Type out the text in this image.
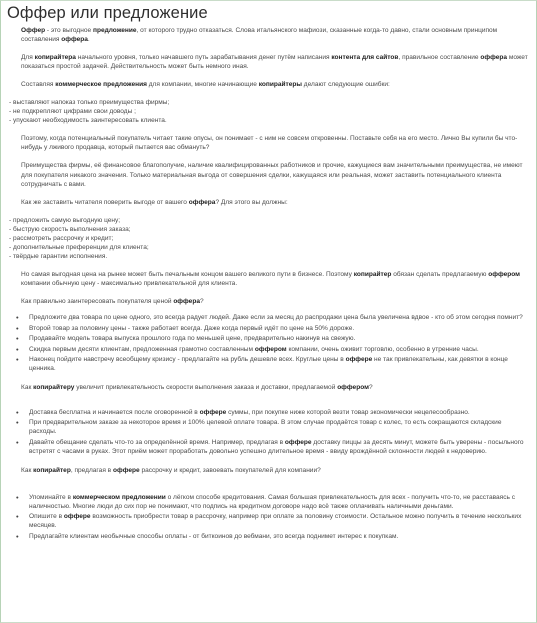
Оффер или предложение

Оффер - это выгодное предложение, от которого трудно отказаться. Слова итальянского мафиози, сказанные когда-то давно, стали основным принципом составления оффера.

Для копирайтера начального уровня, только начавшего путь зарабатывания денег путём написания контента для сайтов, правильное составление оффера может показаться простой задачей. Действительность может быть немного иная.

Составляя коммерческое предложения для компании, многие начинающие копирайтеры делают следующие ошибки:

- выставляют напоказ только преимущества фирмы;

- не подкрепляют цифрами свои доводы ;

- упускают необходимость заинтересовать клиента.

Поэтому, когда потенциальный покупатель читает такие опусы, он понимает - с ним не совсем откровенны. Поставьте себя на его место. Лично Вы купили бы что-нибудь у лживого продавца, который пытается вас обмануть?

Преимущества фирмы, её финансовое благополучие, наличие квалифицированных работников и прочие, кажущиеся вам значительными преимущества, не имеют для покупателя никакого значения. Только материальная выгода от совершения сделки, кажущаяся или реальная, может заставить потенциального клиента сотрудничать с вами.

Как же заставить читателя поверить выгоде от вашего оффера? Для этого вы должны:

- предложить самую выгодную цену;

- быструю скорость выполнения заказа;

- рассмотреть рассрочку и кредит;

- дополнительные преференции для клиента;

- твёрдые гарантии исполнения.

Но самая выгодная цена на рынке может быть печальным концом вашего великого пути в бизнесе. Поэтому копирайтер обязан сделать предлагаемую оффером компании обычную цену - максимально привлекательной для клиента.

Как правильно заинтересовать покупателя ценой оффера?

• Предложите два товара по цене одного, это всегда радует людей. Даже если за месяц до распродажи цена была увеличена вдвое - кто об этом сегодня помнит?
• Второй товар за половину цены - также работает всегда. Даже когда первый идёт по цене на 50% дороже.
• Продавайте модель товара выпуска прошлого года по меньшей цене, предварительно накинув на свежую.
• Скидка первым десяти клиентам, предложенная грамотно составленным оффером компании, очень оживит торговлю, особенно в утренние часы.
• Наконец пойдите навстречу всеобщему кризису - предлагайте на рубль дешевле всех. Круглые цены в оффере не так привлекательны, как девятки в конце ценника.

Как копирайтеру увеличит привлекательность скорости выполнения заказа и доставки, предлагаемой оффером?

• Доставка бесплатна и начинается после оговоренной в оффере суммы, при покупке ниже которой везти товар экономически нецелесообразно.
• При предварительном заказе за некоторое время и 100% целевой оплате товара. В этом случае продаётся товар с колес, то есть сокращаются складские расходы.
• Давайте обещание сделать что-то за определённой время. Например, предлагая в оффере доставку пиццы за десять минут, можете быть уверены - посыльного встретят с часами в руках. Этот приём может проработать довольно успешно длительное время - ввиду врождённой склонности людей к недоверию.

Как копирайтер, предлагая в оффере рассрочку и кредит, завоевать покупателей для компании?

• Упоминайте в коммерческом предложении о лёгком способе кредитования. Самая большая привлекательность для всех - получить что-то, не расставаясь с наличностью. Многие люди до сих пор не понимают, что подпись на кредитном договоре надо всё также оплачивать наличными деньгами.
• Опишите в оффере возможность приобрести товар в рассрочку, например при оплате за половину стоимости. Остальное можно получить в течение нескольких месяцев.
• Предлагайте клиентам необычные способы оплаты - от биткоинов до вебмани, это всегда поднимет интерес к покупкам.
